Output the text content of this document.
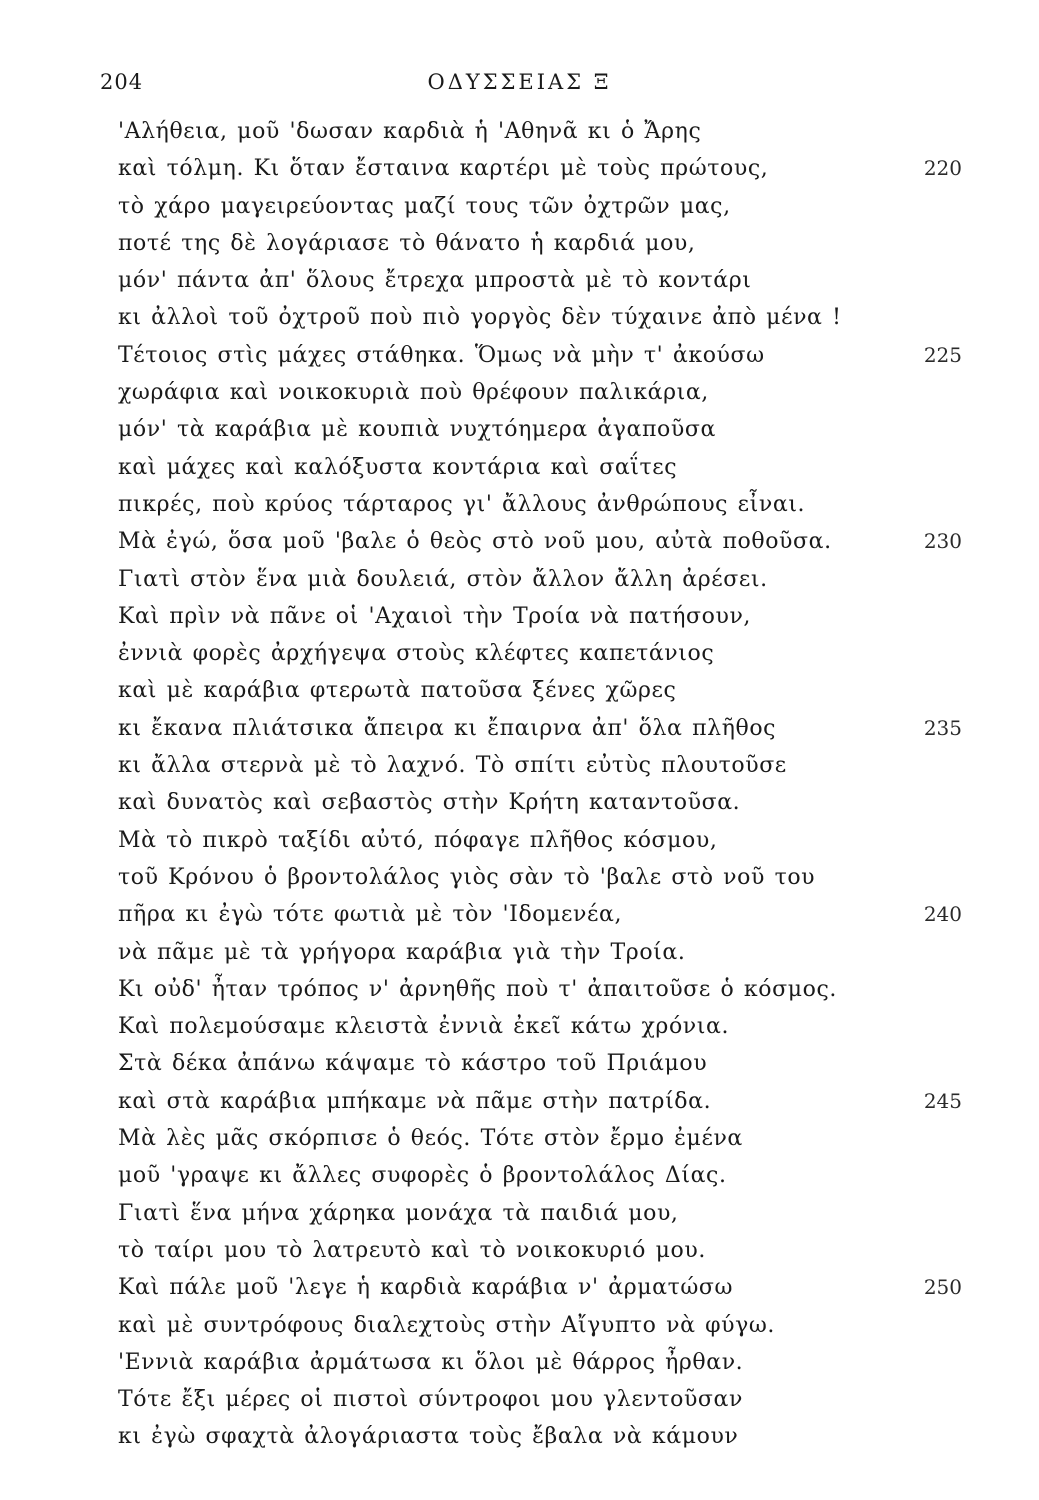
204	ΟΔΥΣΣΕΙΑΣ Ξ
'Αλήθεια, μοῦ 'δωσαν καρδιὰ ἡ 'Αθηνᾶ κι ὁ Ἄρης
καὶ τόλμη. Κι ὅταν ἔσταινα καρτέρι μὲ τοὺς πρώτους,	220
τὸ χάρο μαγειρεύοντας μαζί τους τῶν ὀχτρῶν μας,
ποτέ της δὲ λογάριασε τὸ θάνατο ἡ καρδιά μου,
μόν' πάντα ἀπ' ὅλους ἔτρεχα μπροστὰ μὲ τὸ κοντάρι
κι ἀλλοὶ τοῦ ὀχτροῦ ποὺ πιὸ γοργὸς δὲν τύχαινε ἀπὸ μένα !
Τέτοιος στὶς μάχες στάθηκα. Ὅμως νὰ μὴν τ' ἀκούσω	225
χωράφια καὶ νοικοκυριὰ ποὺ θρέφουν παλικάρια,
μόν' τὰ καράβια μὲ κουπιὰ νυχτόημερα ἀγαποῦσα
καὶ μάχες καὶ καλόξυστα κοντάρια καὶ σαΐτες
πικρές, ποὺ κρύος τάρταρος γι' ἄλλους ἀνθρώπους εἶναι.
Μὰ ἐγώ, ὅσα μοῦ 'βαλε ὁ θεὸς στὸ νοῦ μου, αὐτὰ ποθοῦσα.	230
Γιατὶ στὸν ἕνα μιὰ δουλειά, στὸν ἄλλον ἄλλη ἀρέσει.
Καὶ πρὶν νὰ πᾶνε οἱ 'Αχαιοὶ τὴν Τροία νὰ πατήσουν,
ἐννιὰ φορὲς ἀρχήγεψα στοὺς κλέφτες καπετάνιος
καὶ μὲ καράβια φτερωτὰ πατοῦσα ξένες χῶρες
κι ἔκανα πλιάτσικα ἄπειρα κι ἔπαιρνα ἀπ' ὅλα πλῆθος	235
κι ἄλλα στερνὰ μὲ τὸ λαχνό. Τὸ σπίτι εὐτὺς πλουτοῦσε
καὶ δυνατὸς καὶ σεβαστὸς στὴν Κρήτη καταντοῦσα.
Μὰ τὸ πικρὸ ταξίδι αὐτό, πόφαγε πλῆθος κόσμου,
τοῦ Κρόνου ὁ βροντολάλος γιὸς σὰν τὸ 'βαλε στὸ νοῦ του
πῆρα κι ἐγὼ τότε φωτιὰ μὲ τὸν 'Ιδομενέα,	240
νὰ πᾶμε μὲ τὰ γρήγορα καράβια γιὰ τὴν Τροία.
Κι οὐδ' ἦταν τρόπος ν' ἀρνηθῆς ποὺ τ' ἀπαιτοῦσε ὁ κόσμος.
Καὶ πολεμούσαμε κλειστὰ ἐννιὰ ἐκεῖ κάτω χρόνια.
Στὰ δέκα ἀπάνω κάψαμε τὸ κάστρο τοῦ Πριάμου
καὶ στὰ καράβια μπήκαμε νὰ πᾶμε στὴν πατρίδα.	245
Μὰ λὲς μᾶς σκόρπισε ὁ θεός. Τότε στὸν ἔρμο ἐμένα
μοῦ 'γραψε κι ἄλλες συφορὲς ὁ βροντολάλος Δίας.
Γιατὶ ἕνα μήνα χάρηκα μονάχα τὰ παιδιά μου,
τὸ ταίρι μου τὸ λατρευτὸ καὶ τὸ νοικοκυριό μου.
Καὶ πάλε μοῦ 'λεγε ἡ καρδιὰ καράβια ν' ἀρματώσω	250
καὶ μὲ συντρόφους διαλεχτοὺς στὴν Αἴγυπτο νὰ φύγω.
'Εννιὰ καράβια ἀρμάτωσα κι ὅλοι μὲ θάρρος ἦρθαν.
Τότε ἔξι μέρες οἱ πιστοὶ σύντροφοι μου γλεντοῦσαν
κι ἐγὼ σφαχτὰ ἀλογάριαστα τοὺς ἔβαλα νὰ κάμουν
